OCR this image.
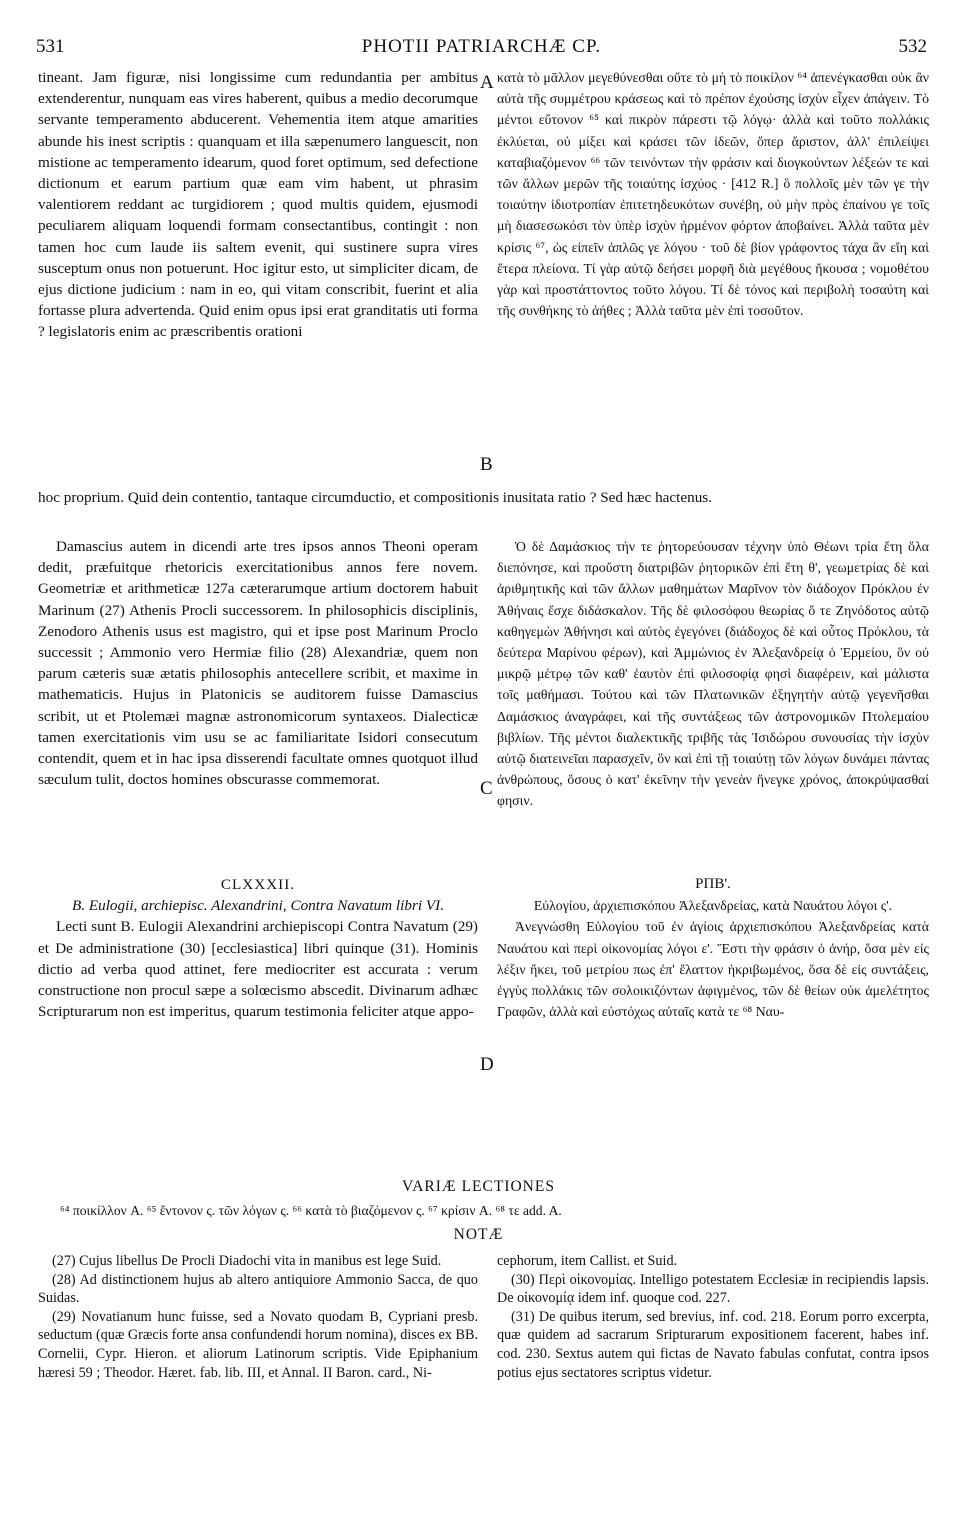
531	PHOTII PATRIARCHÆ CP.	532
A
B
C
D

tineant. Jam figuræ, nisi longissime cum redundantia per ambitus extenderentur, nunquam eas vires haberent, quibus a medio decorumque servante temperamento abducerent. Vehementia item atque amarities abunde his inest scriptis : quanquam et illa sæpenumero languescit, non mistione ac temperamento idearum, quod foret optimum, sed defectione dictionum et earum partium quæ eam vim habent, ut phrasim valentiorem reddant ac turgidiorem ; quod multis quidem, ejusmodi peculiarem aliquam loquendi formam consectantibus, contingit : non tamen hoc cum laude iis saltem evenit, qui sustinere supra vires susceptum onus non potuerunt. Hoc igitur esto, ut simpliciter dicam, de ejus dictione judicium : nam in eo, qui vitam conscribit, fuerint et alia fortasse plura advertenda. Quid enim opus ipsi erat granditatis uti forma ? legislatoris enim ac præscribentis orationi

κατὰ τὸ μᾶλλον μεγεθύνεσθαι οὔτε τὸ μὴ τὸ ποικίλον ⁶⁴ ἀπενέγκασθαι οὐκ ἂν αὐτὰ τῆς συμμέτρου κράσεως καὶ τὸ πρέπον ἐχούσης ἰσχὺν εἶχεν ἀπάγειν. Τὸ μέντοι εὔτονον ⁶⁵ καὶ πικρὸν πάρεστι τῷ λόγῳ· ἀλλὰ καὶ τοῦτο πολλάκις ἐκλύεται, οὐ μίξει καὶ κράσει τῶν ἰδεῶν, ὅπερ ἄριστον, ἀλλ' ἐπιλείψει καταβιαζόμενον ⁶⁶ τῶν τεινόντων τὴν φράσιν καὶ διογκούντων λέξεών τε καὶ τῶν ἄλλων μερῶν τῆς τοιαύτης ἰσχύος · [412 R.] ὃ πολλοῖς μὲν τῶν γε τὴν τοιαύτην ἰδιοτροπίαν ἐπιτετηδευκότων συνέβη, οὐ μὴν πρὸς ἐπαίνου γε τοῖς μὴ διασεσωκόσι τὸν ὑπὲρ ἰσχὺν ἠρμένον φόρτον ἀποβαίνει. Ἀλλὰ ταῦτα μὲν κρίσις ⁶⁷, ὡς εἰπεῖν ἁπλῶς γε λόγου · τοῦ δὲ βίον γράφοντος τάχα ἂν εἴη καὶ ἕτερα πλείονα. Τί γὰρ αὐτῷ δεήσει μορφῆ διὰ μεγέθους ἤκουσα ; νομοθέτου γὰρ καὶ προστάττοντος τοῦτο λόγου. Τί δὲ τόνος καὶ περιβολὴ τοσαύτη καὶ τῆς συνθήκης τὸ ἀήθες ; Ἀλλὰ ταῦτα μὲν ἐπὶ τοσοῦτον.

hoc proprium. Quid dein contentio, tantaque circumductio, et compositionis inusitata ratio ? Sed hæc hactenus.

Damascius autem in dicendi arte tres ipsos annos Theoni operam dedit, præfuitque rhetoricis exercitationibus annos fere novem. Geometriæ et arithmeticæ 127a cæterarumque artium doctorem habuit Marinum (27) Athenis Procli successorem. In philosophicis disciplinis, Zenodoro Athenis usus est magistro, qui et ipse post Marinum Proclo successit ; Ammonio vero Hermiæ filio (28) Alexandriæ, quem non parum cæteris suæ ætatis philosophis antecellere scribit, et maxime in mathematicis. Hujus in Platonicis se auditorem fuisse Damascius scribit, ut et Ptolemæi magnæ astronomicorum syntaxeos. Dialecticæ tamen exercitationis vim usu se ac familiaritate Isidori consecutum contendit, quem et in hac ipsa disserendi facultate omnes quotquot illud sæculum tulit, doctos homines obscurasse commemorat.

Ὁ δὲ Δαμάσκιος τήν τε ῥητορεύουσαν τέχνην ὑπὸ Θέωνι τρία ἔτη ὅλα διεπόνησε, καὶ προὔστη διατριβῶν ῥητορικῶν ἐπὶ ἔτη θ', γεωμετρίας δὲ καὶ ἀριθμητικῆς καὶ τῶν ἄλλων μαθημάτων Μαρῖνον τὸν διάδοχον Πρόκλου ἐν Ἀθήναις ἔσχε διδάσκαλον. Τῆς δὲ φιλοσόφου θεωρίας ὅ τε Ζηνόδοτος αὐτῷ καθηγεμὼν Ἀθήνησι καὶ αὐτὸς ἐγεγόνει (διάδοχος δὲ καὶ οὗτος Πρόκλου, τὰ δεύτερα Μαρίνου φέρων), καὶ Ἀμμώνιος ἐν Ἀλεξανδρείᾳ ὁ Ἑρμείου, ὃν οὐ μικρῷ μέτρῳ τῶν καθ' ἑαυτὸν ἐπὶ φιλοσοφίᾳ φησὶ διαφέρειν, καὶ μάλιστα τοῖς μαθήμασι. Τούτου καὶ τῶν Πλατωνικῶν ἐξηγητὴν αὐτῷ γεγενῆσθαι Δαμάσκιος ἀναγράφει, καὶ τῆς συντάξεως τῶν ἀστρονομικῶν Πτολεμαίου βιβλίων. Τῆς μέντοι διαλεκτικῆς τριβῆς τὰς Ἰσιδώρου συνουσίας τὴν ἰσχὺν αὐτῷ διατεινεῖαι παρασχεῖν, ὃν καὶ ἐπὶ τῇ τοιαύτῃ τῶν λόγων δυνάμει πάντας ἀνθρώπους, ὅσους ὁ κατ' ἐκεῖνην τὴν γενεὰν ἤνεγκε χρόνος, ἀποκρύψασθαί φησιν.

CLXXXII.

B. Eulogii, archiepisc. Alexandrini, Contra Navatum libri VI.

Lecti sunt B. Eulogii Alexandrini archiepiscopi Contra Navatum (29) et De administratione (30) [ecclesiastica] libri quinque (31). Hominis dictio ad verba quod attinet, fere mediocriter est accurata : verum constructione non procul sæpe a solœcismo abscedit. Divinarum adhæc Scripturarum non est imperitus, quarum testimonia feliciter atque appo-

ΡΠΒ'.

Εὐλογίου, ἀρχιεπισκόπου Ἀλεξανδρείας, κατὰ Ναυάτου λόγοι ς'.

Ἀνεγνώσθη Εὐλογίου τοῦ ἐν ἁγίοις ἀρχιεπισκόπου Ἀλεξανδρείας κατὰ Ναυάτου καὶ περὶ οἰκονομίας λόγοι ε'. Ἔστι τὴν φράσιν ὁ ἀνήρ, ὅσα μὲν εἰς λέξιν ἥκει, τοῦ μετρίου πως ἐπ' ἔλαττον ἠκριβωμένος, ὅσα δὲ εἰς συντάξεις, ἐγγὺς πολλάκις τῶν σολοικιζόντων ἀφιγμένος, τῶν δὲ θείων οὐκ ἀμελέτητος Γραφῶν, ἀλλὰ καὶ εὐστόχως αὐταῖς κατὰ τε ⁶⁸ Ναυ-

VARIÆ LECTIONES
⁶⁴ ποικίλλον A. ⁶⁵ ἔντονον ς. τῶν λόγων ς. ⁶⁶ κατὰ τὸ βιαζόμενον ς. ⁶⁷ κρίσιν A. ⁶⁸ τε add. A.
NOTÆ

(27) Cujus libellus De Procli Diadochi vita in manibus est lege Suid.

(28) Ad distinctionem hujus ab altero antiquiore Ammonio Sacca, de quo Suidas.

(29) Novatianum hunc fuisse, sed a Novato quodam B, Cypriani presb. seductum (quæ Græcis forte ansa confundendi horum nomina), disces ex BB. Cornelii, Cypr. Hieron. et aliorum Latinorum scriptis. Vide Epiphanium hæresi 59 ; Theodor. Hæret. fab. lib. III, et Annal. II Baron. card., Ni-

cephorum, item Callist. et Suid.

(30) Περὶ οἰκονομίας. Intelligo potestatem Ecclesiæ in recipiendis lapsis. De οἰκονομίᾳ idem inf. quoque cod. 227.

(31) De quibus iterum, sed brevius, inf. cod. 218. Eorum porro excerpta, quæ quidem ad sacrarum Sripturarum expositionem facerent, habes inf. cod. 230. Sextus autem qui fictas de Navato fabulas confutat, contra ipsos potius ejus sectatores scriptus videtur.
